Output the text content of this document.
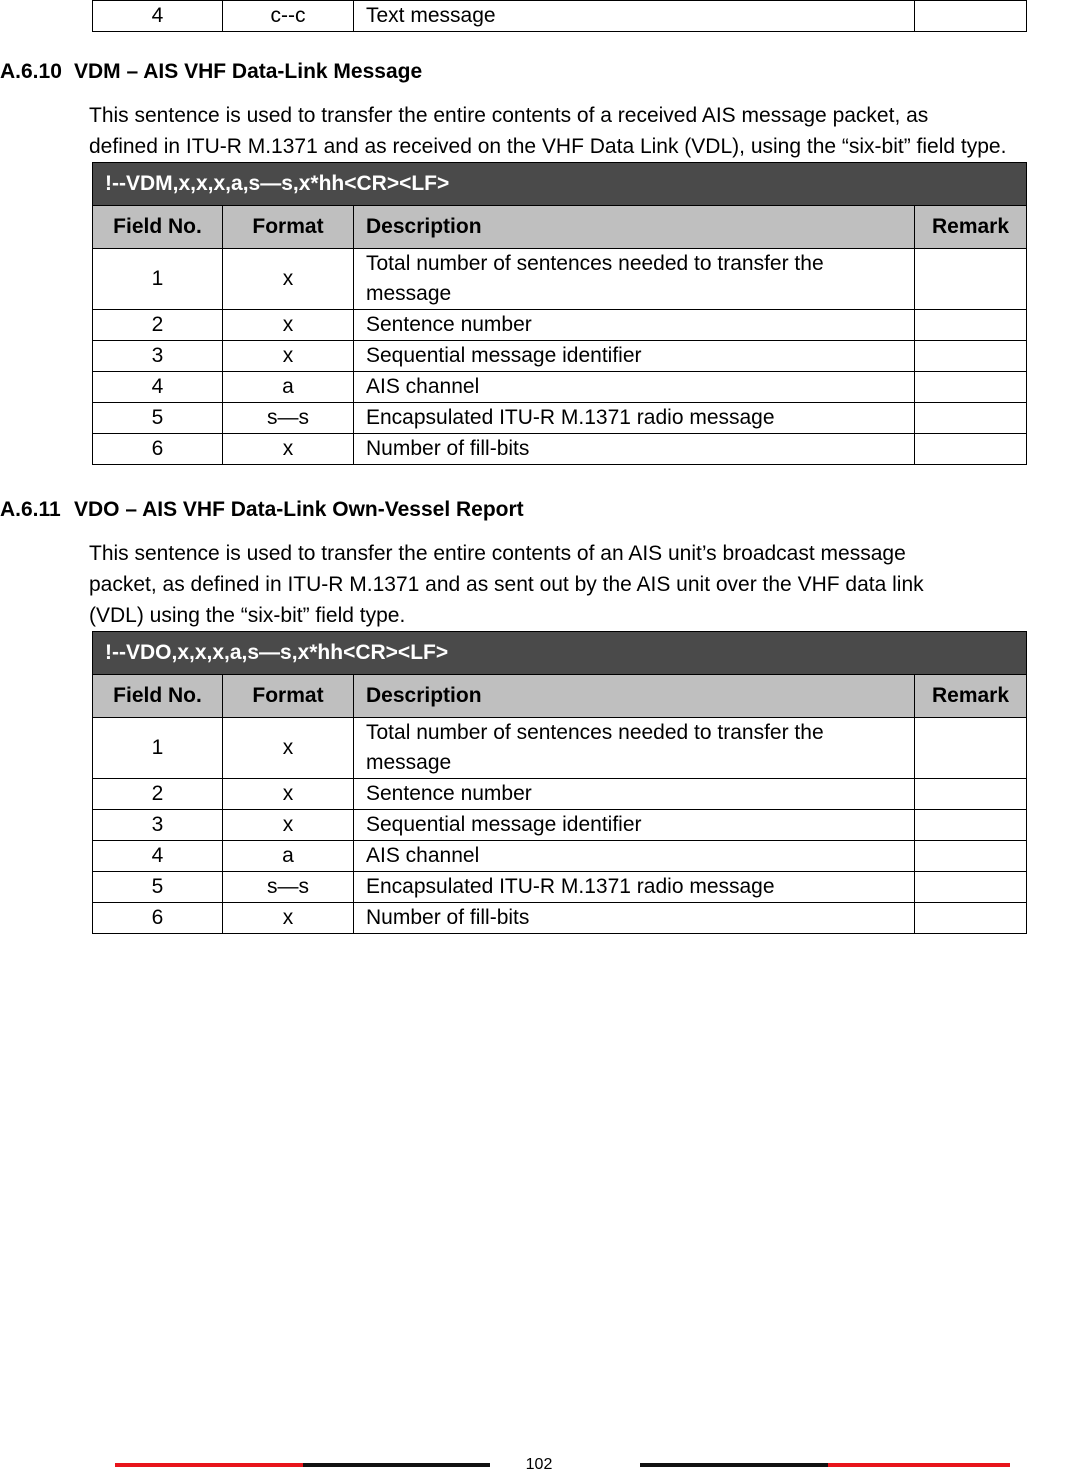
4	c--c	Text message	
A.6.10 VDM – AIS VHF Data-Link Message
This sentence is used to transfer the entire contents of a received AIS message packet, as
defined in ITU-R M.1371 and as received on the VHF Data Link (VDL), using the “six-bit” field type.
!--VDM,x,x,x,a,s—s,x*hh<CR><LF>			
Field No.	Format	Description	Remark
1	x	Total number of sentences needed to transfer the message	
2	x	Sentence number	
3	x	Sequential message identifier	
4	a	AIS channel	
5	s—s	Encapsulated ITU-R M.1371 radio message	
6	x	Number of fill-bits	
A.6.11 VDO – AIS VHF Data-Link Own-Vessel Report
This sentence is used to transfer the entire contents of an AIS unit’s broadcast message
packet, as defined in ITU-R M.1371 and as sent out by the AIS unit over the VHF data link
(VDL) using the “six-bit” field type.
!--VDO,x,x,x,a,s—s,x*hh<CR><LF>			
Field No.	Format	Description	Remark
1	x	Total number of sentences needed to transfer the message	
2	x	Sentence number	
3	x	Sequential message identifier	
4	a	AIS channel	
5	s—s	Encapsulated ITU-R M.1371 radio message	
6	x	Number of fill-bits	
102
